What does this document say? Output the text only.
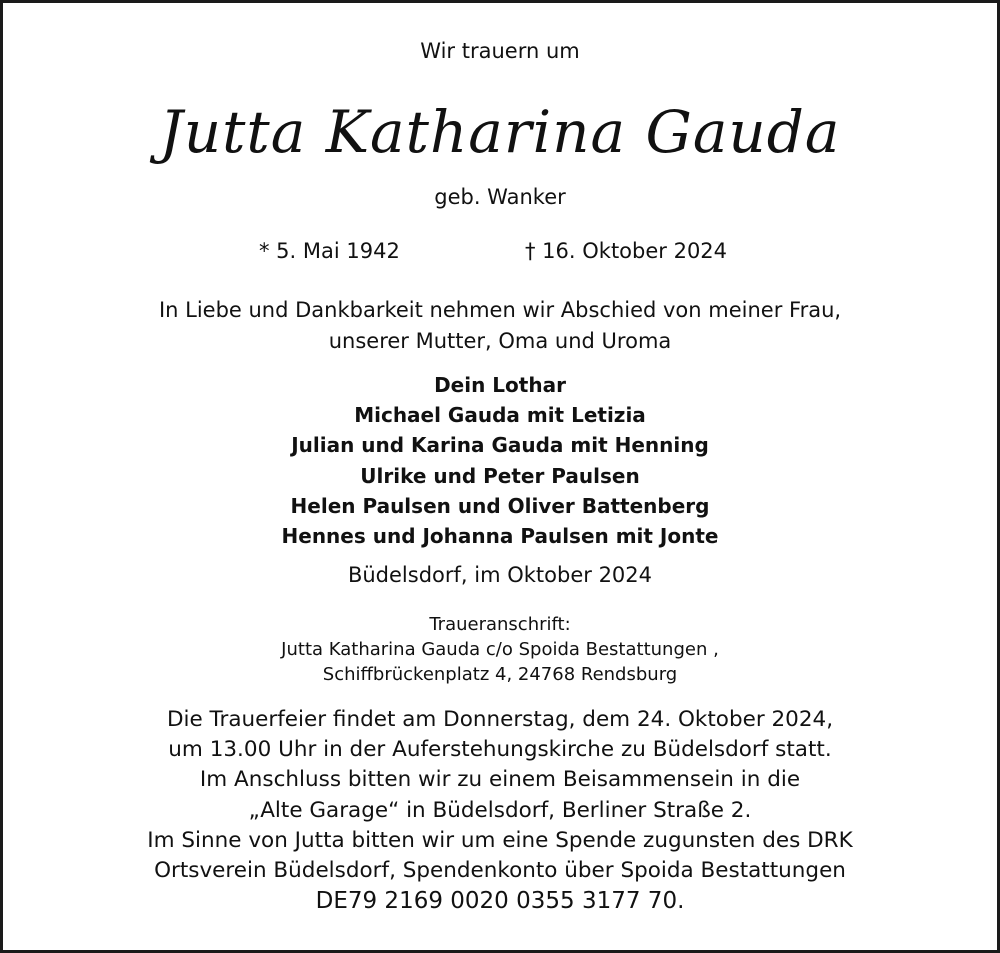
Wir trauern um
Jutta Katharina Gauda
geb. Wanker
* 5. Mai 1942	† 16. Oktober 2024
In Liebe und Dankbarkeit nehmen wir Abschied von meiner Frau,
unserer Mutter, Oma und Uroma
Dein Lothar
Michael Gauda mit Letizia
Julian und Karina Gauda mit Henning
Ulrike und Peter Paulsen
Helen Paulsen und Oliver Battenberg
Hennes und Johanna Paulsen mit Jonte
Büdelsdorf, im Oktober 2024
Traueranschrift:
Jutta Katharina Gauda c/o Spoida Bestattungen ,
Schiffbrückenplatz 4, 24768 Rendsburg
Die Trauerfeier findet am Donnerstag, dem 24. Oktober 2024,
um 13.00 Uhr in der Auferstehungskirche zu Büdelsdorf statt.
Im Anschluss bitten wir zu einem Beisammensein in die
„Alte Garage“ in Büdelsdorf, Berliner Straße 2.
Im Sinne von Jutta bitten wir um eine Spende zugunsten des DRK
Ortsverein Büdelsdorf, Spendenkonto über Spoida Bestattungen
DE79 2169 0020 0355 3177 70.
